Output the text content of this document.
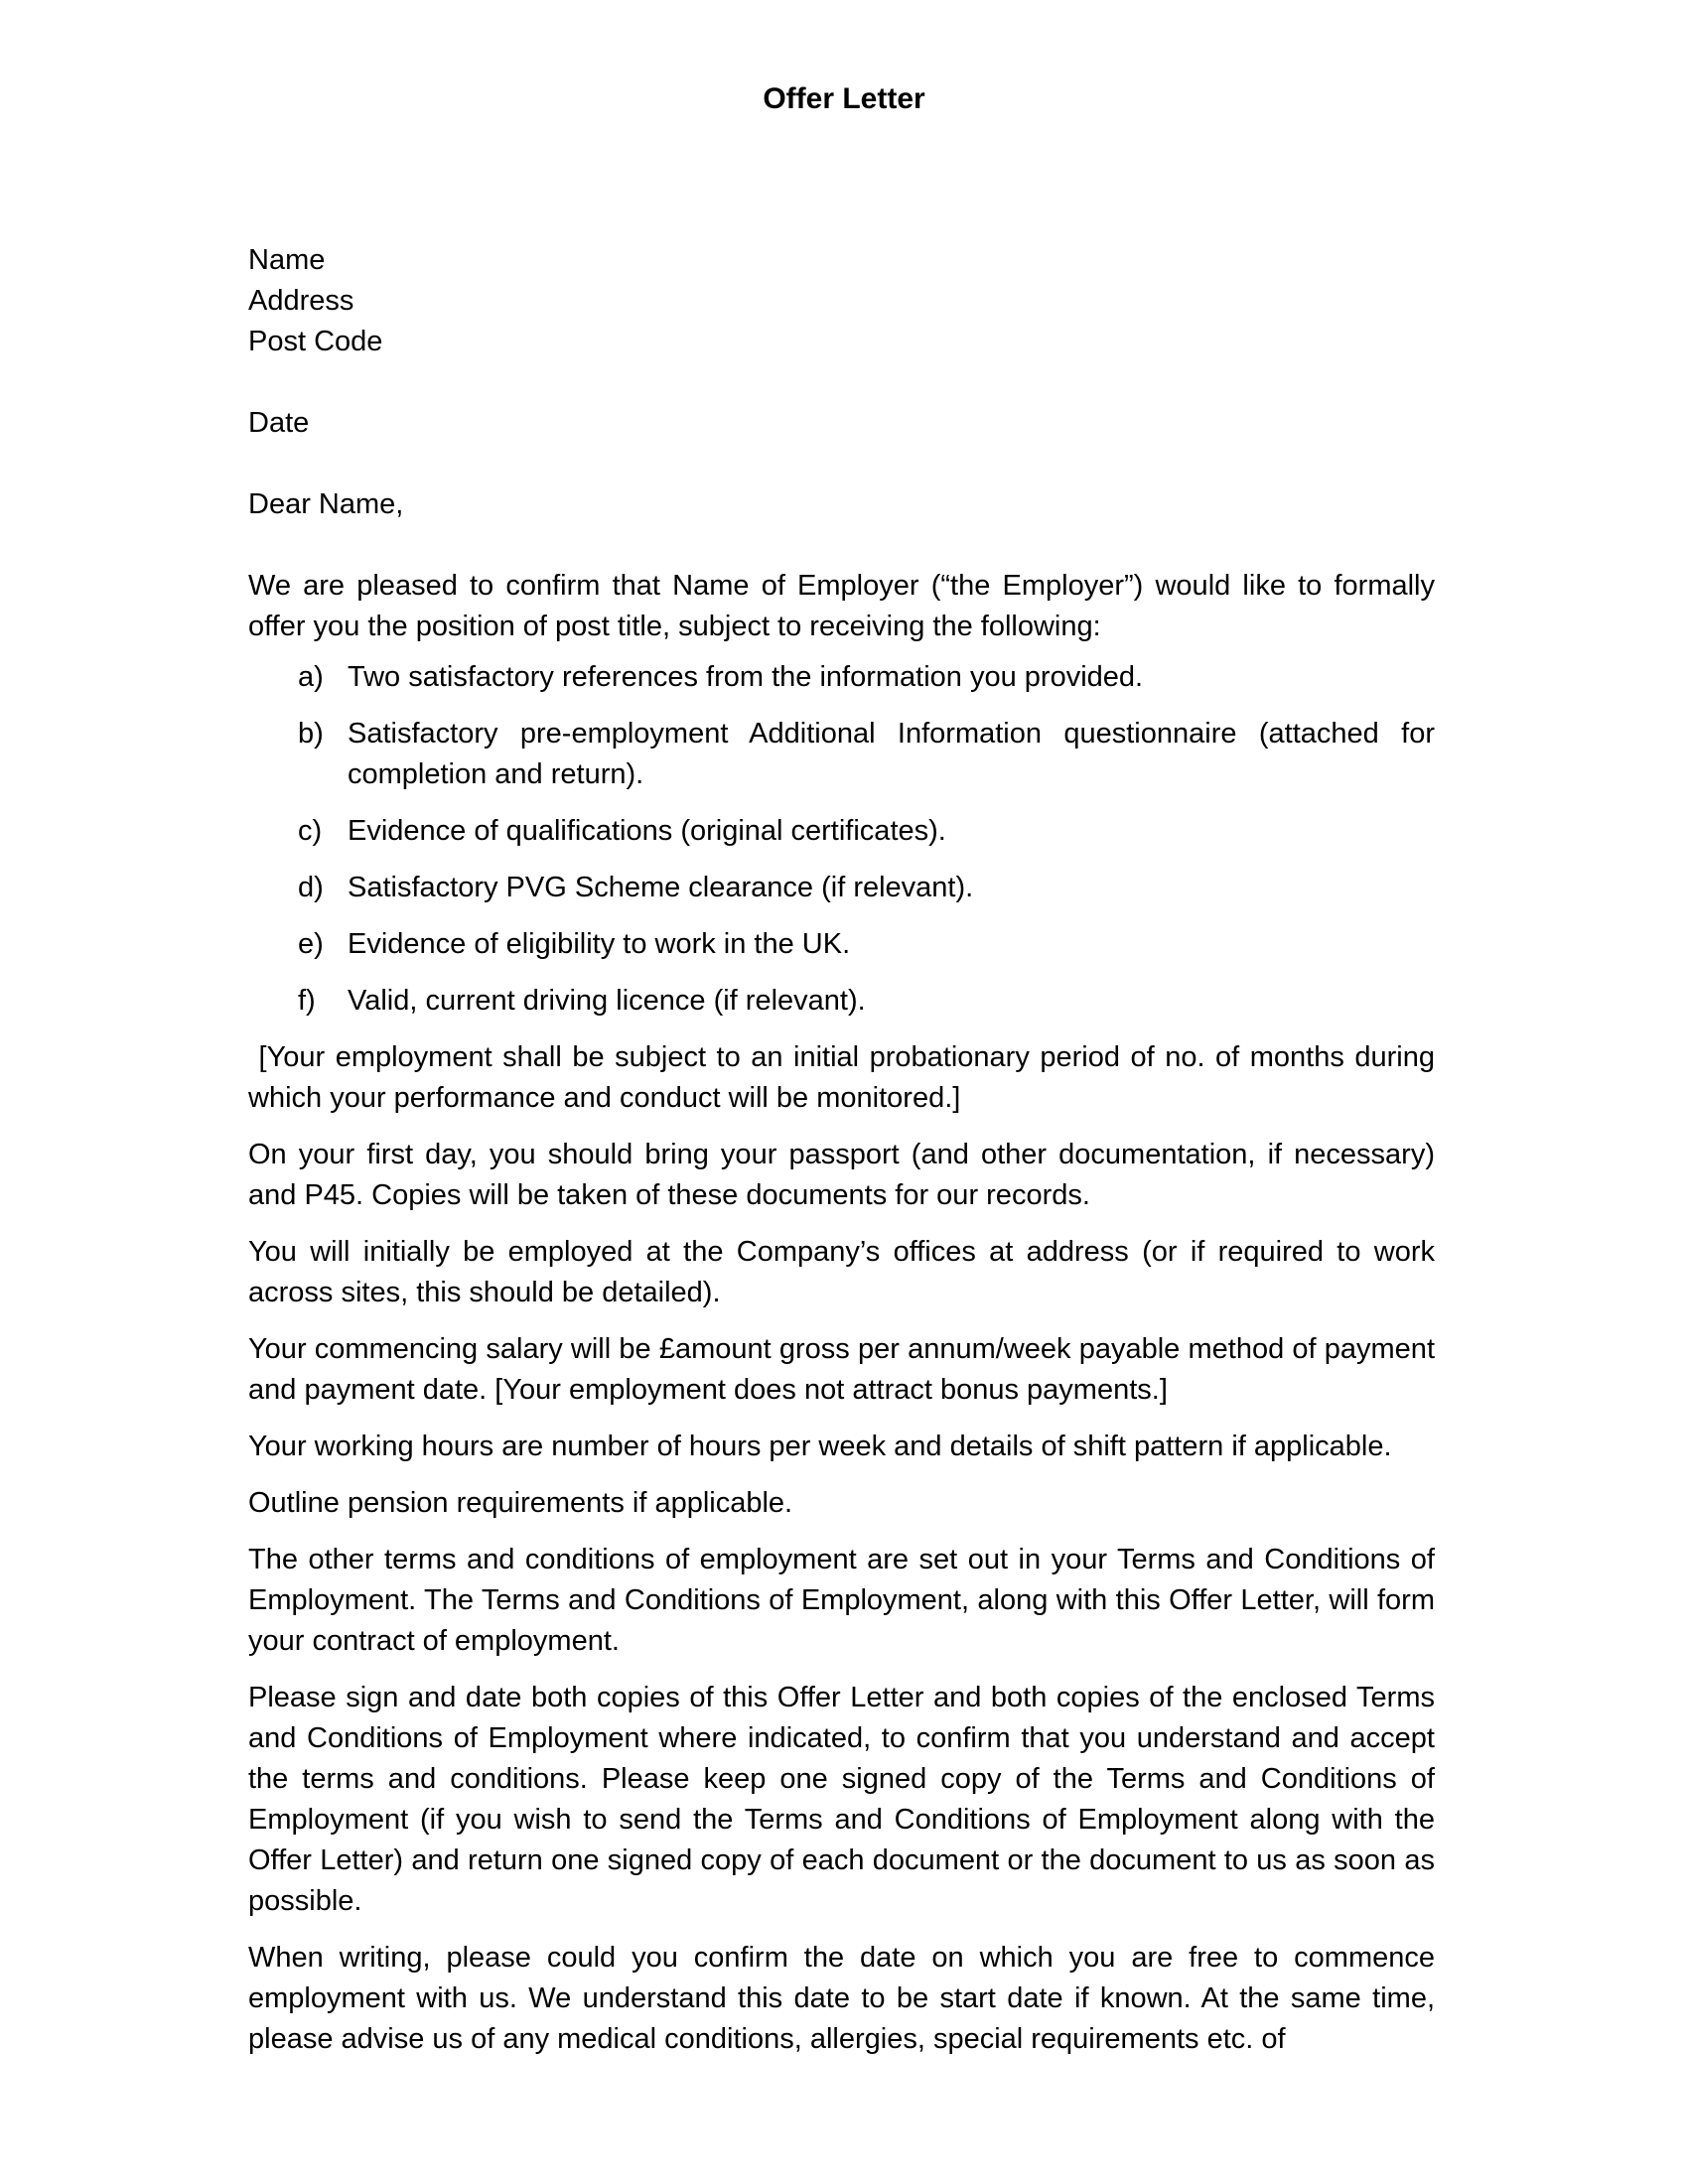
Offer Letter

Name

Address

Post Code

Date

Dear Name,

We are pleased to confirm that Name of Employer (“the Employer”) would like to formally offer you the position of post title, subject to receiving the following:

a) Two satisfactory references from the information you provided.
b) Satisfactory pre-employment Additional Information questionnaire (attached for completion and return).
c) Evidence of qualifications (original certificates).
d) Satisfactory PVG Scheme clearance (if relevant).
e) Evidence of eligibility to work in the UK.
f)	Valid, current driving licence (if relevant).

[Your employment shall be subject to an initial probationary period of no. of months during which your performance and conduct will be monitored.]

On your first day, you should bring your passport (and other documentation, if necessary) and P45. Copies will be taken of these documents for our records.

You will initially be employed at the Company’s offices at address (or if required to work across sites, this should be detailed).

Your commencing salary will be £amount gross per annum/week payable method of payment and payment date. [Your employment does not attract bonus payments.]

Your working hours are number of hours per week and details of shift pattern if applicable.

Outline pension requirements if applicable.

The other terms and conditions of employment are set out in your Terms and Conditions of Employment. The Terms and Conditions of Employment, along with this Offer Letter, will form your contract of employment.

Please sign and date both copies of this Offer Letter and both copies of the enclosed Terms and Conditions of Employment where indicated, to confirm that you understand and accept the terms and conditions. Please keep one signed copy of the Terms and Conditions of Employment (if you wish to send the Terms and Conditions of Employment along with the Offer Letter) and return one signed copy of each document or the document to us as soon as possible.

When writing, please could you confirm the date on which you are free to commence employment with us. We understand this date to be start date if known. At the same time, please advise us of any medical conditions, allergies, special requirements etc. of
